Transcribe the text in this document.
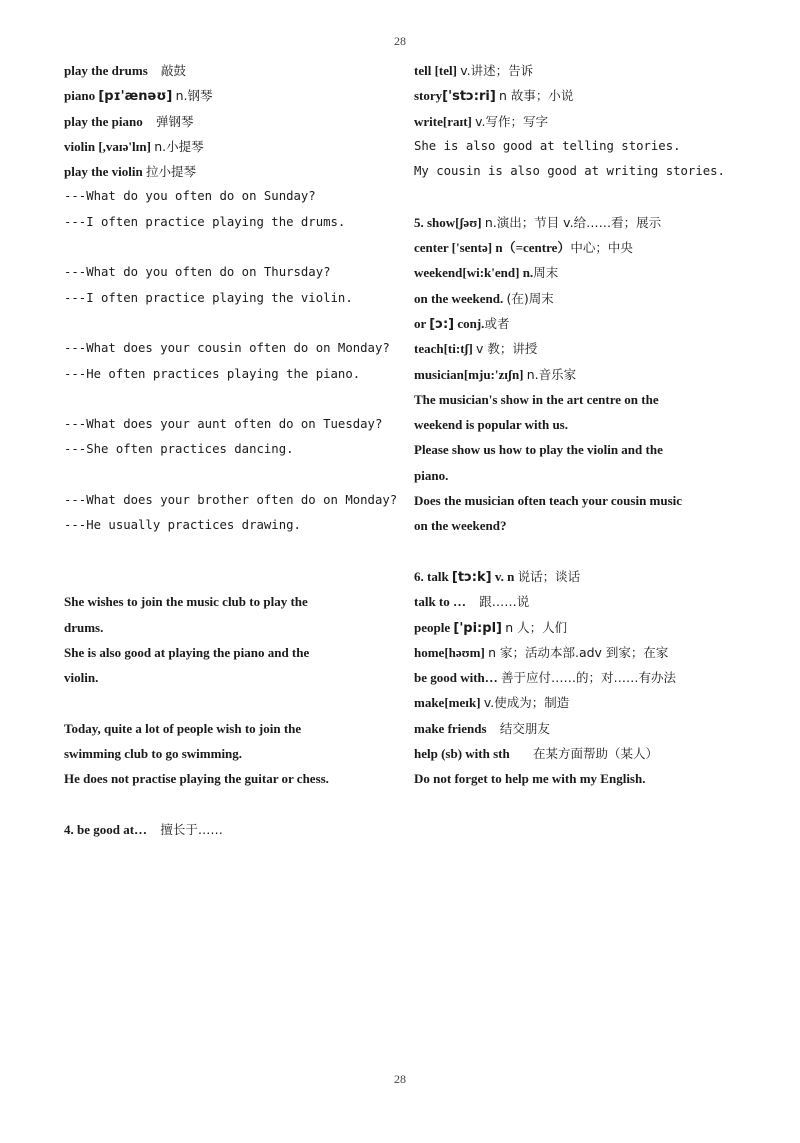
28
play the drums 敲鼓
piano [pɪ'ænəʊ] n.钢琴
play the piano 弹钢琴
violin [,vaɪə'lɪn] n.小提琴
play the violin 拉小提琴
---What do you often do on Sunday?
---I often practice playing the drums.
---What do you often do on Thursday?
---I often practice playing the violin.
---What does your cousin often do on Monday?
---He often practices playing the piano.
---What does your aunt often do on Tuesday?
---She often practices dancing.
---What does your brother often do on Monday?
---He usually practices drawing.
She wishes to join the music club to play the
drums.
She is also good at playing the piano and the
violin.
Today, quite a lot of people wish to join the
swimming club to go swimming.
He does not practise playing the guitar or chess.
4. be good at… 擅长于……
tell [tel] v.讲述；告诉
story['stɔ:ri] n 故事；小说
write[raɪt] v.写作；写字
She is also good at telling stories.
My cousin is also good at writing stories.
5. show[ʃəʊ] n.演出；节目 v.给……看；展示
center ['sentə] n（=centre）中心；中央
weekend[wi:k'end] n.周末
on the weekend. (在)周末
or [ɔ:] conj.或者
teach[ti:tʃ] v 教；讲授
musician[mju:'zɪʃn] n.音乐家
The musician's show in the art centre on the
weekend is popular with us.
Please show us how to play the violin and the
piano.
Does the musician often teach your cousin music
on the weekend?
6. talk [tɔ:k] v. n 说话；谈话
talk to … 跟……说
people ['pi:pl] n 人；人们
home[həʊm] n 家；活动本部.adv 到家；在家
be good with… 善于应付……的；对……有办法
make[meɪk] v.使成为；制造
make friends 结交朋友
help (sb) with sth 在某方面帮助（某人）
Do not forget to help me with my English.
28
